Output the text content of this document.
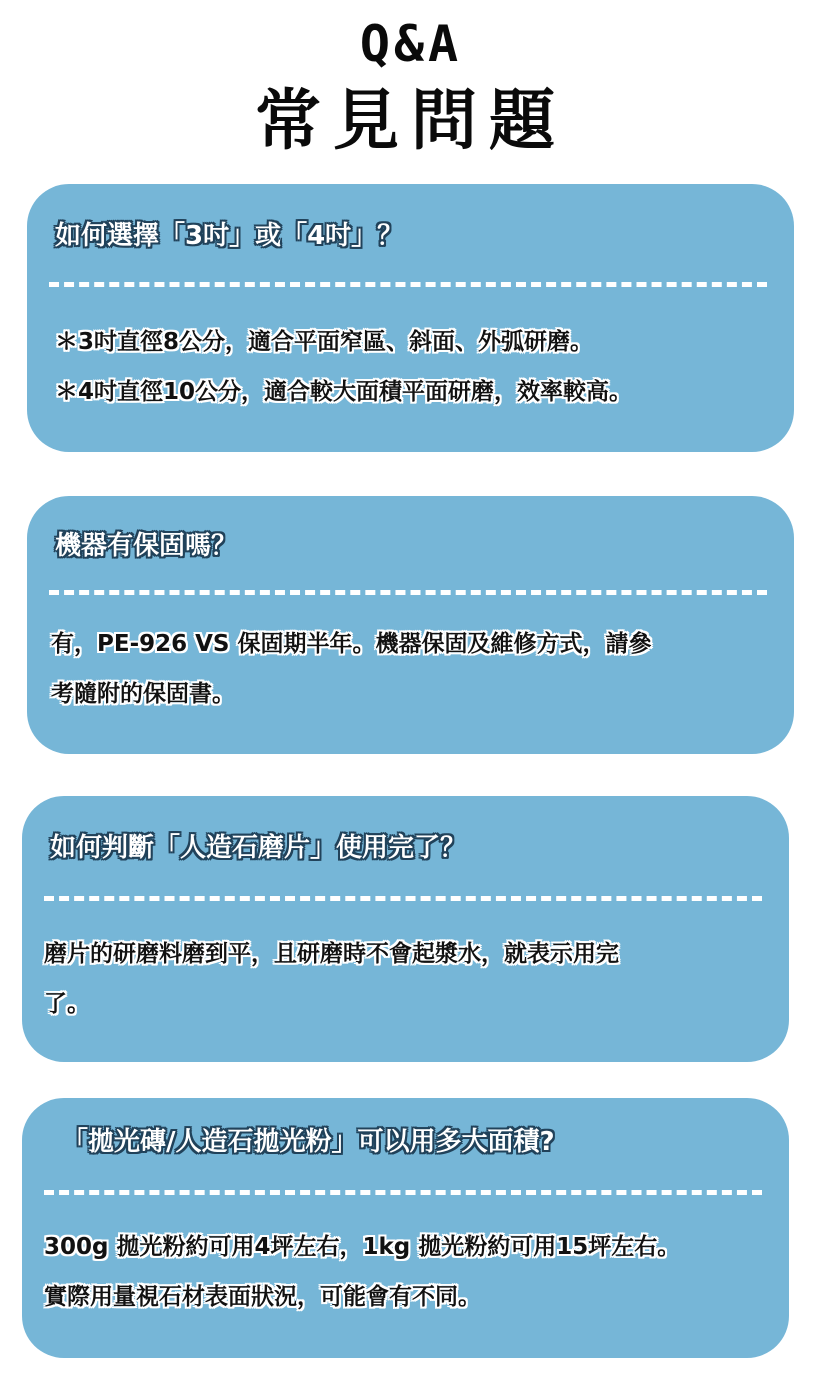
Q&A
常見問題
如何選擇「3吋」或「4吋」？
＊3吋直徑8公分，適合平面窄區、斜面、外弧研磨。
＊4吋直徑10公分，適合較大面積平面研磨，效率較高。
機器有保固嗎？
有，PE-926 VS 保固期半年。機器保固及維修方式，請參
考隨附的保固書。
如何判斷「人造石磨片」使用完了？
磨片的研磨料磨到平，且研磨時不會起漿水，就表示用完
了。
「拋光磚/人造石拋光粉」可以用多大面積?
300g 拋光粉約可用4坪左右，1kg 拋光粉約可用15坪左右。
實際用量視石材表面狀況，可能會有不同。
